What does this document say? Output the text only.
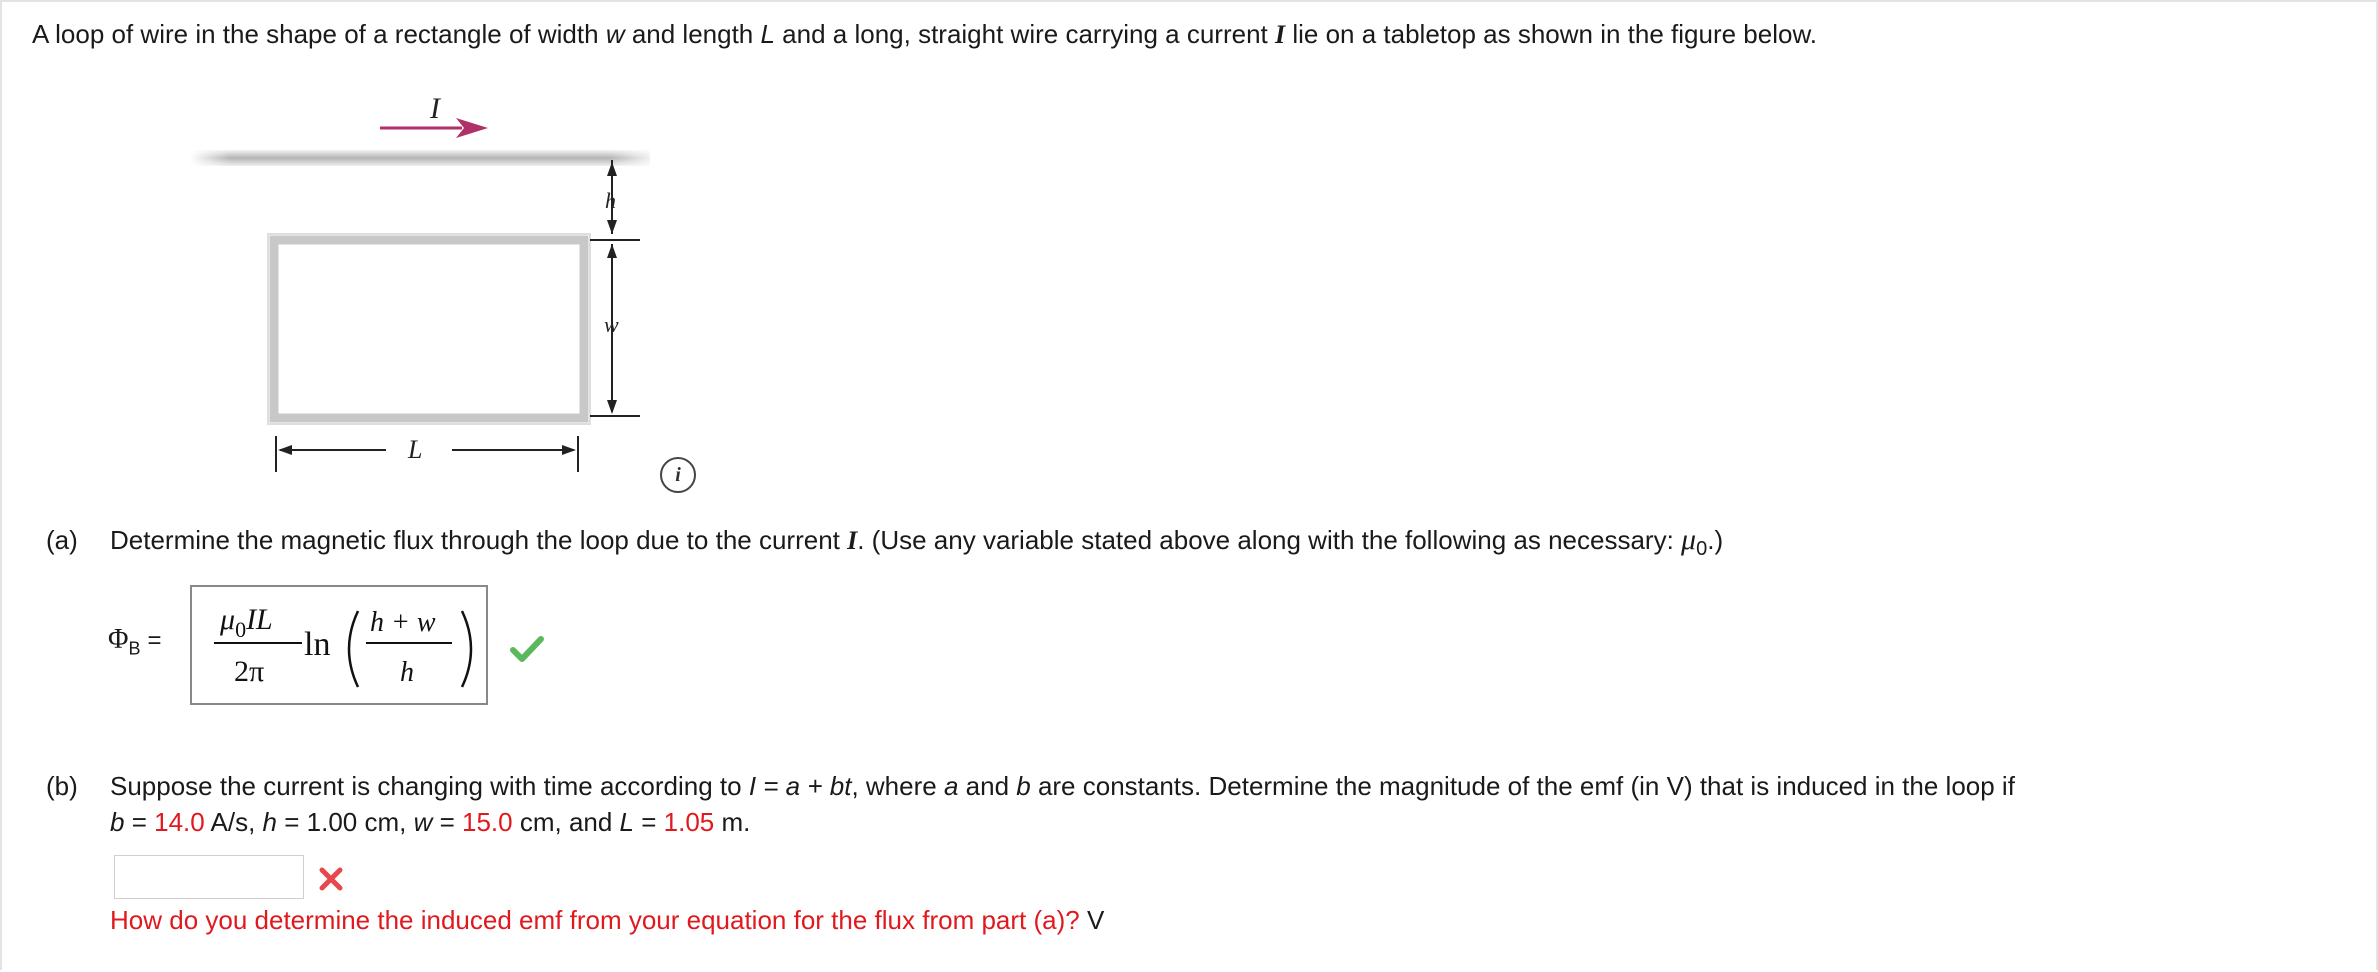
A loop of wire in the shape of a rectangle of width w and length L and a long, straight wire carrying a current I lie on a tabletop as shown in the figure below.
I
h
w
L
i
(a) Determine the magnetic flux through the loop due to the current I. (Use any variable stated above along with the following as necessary: $\mu_0$.)
$\Phi_B$ =
$\mu_0IL$
2π
ln
h + w
h
(b) Suppose the current is changing with time according to I = a + bt, where a and b are constants. Determine the magnitude of the emf (in V) that is induced in the loop if
b = 14.0 A/s, h = 1.00 cm, w = 15.0 cm, and L = 1.05 m.
How do you determine the induced emf from your equation for the flux from part (a)? V
